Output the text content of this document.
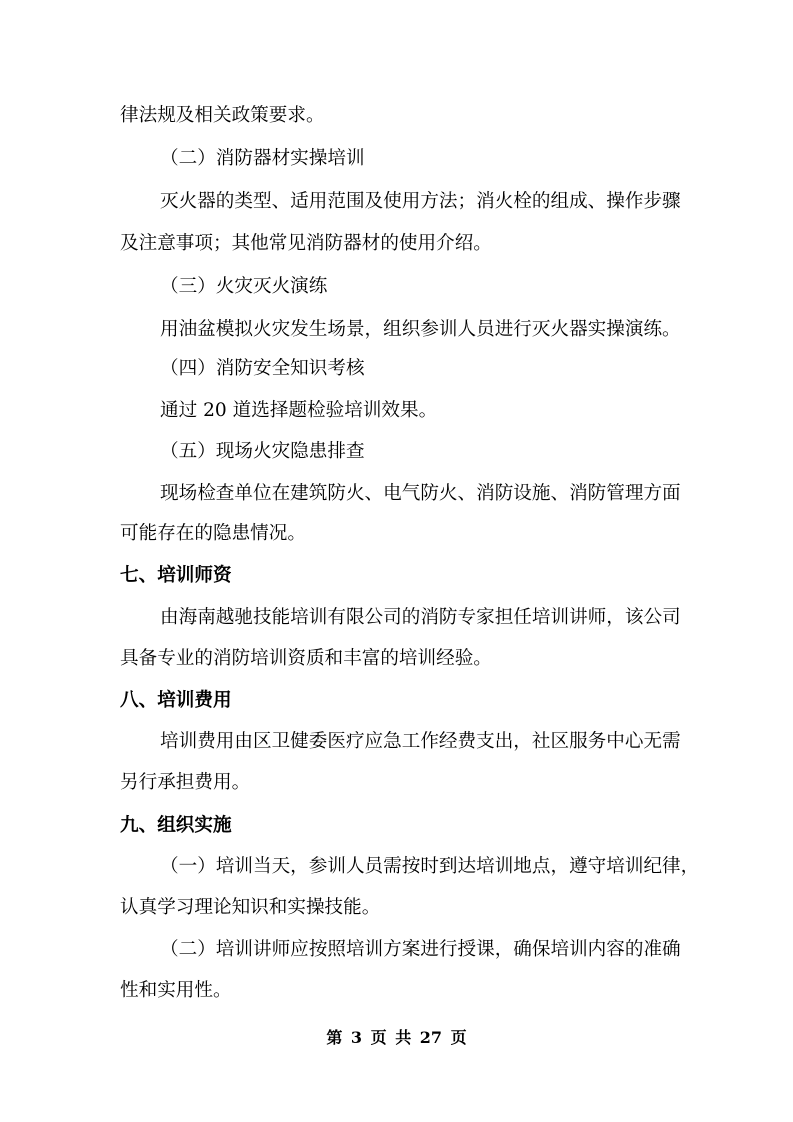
律法规及相关政策要求。
（二）消防器材实操培训
灭火器的类型、适用范围及使用方法；消火栓的组成、操作步骤
及注意事项；其他常见消防器材的使用介绍。
（三）火灾灭火演练
用油盆模拟火灾发生场景，组织参训人员进行灭火器实操演练。
（四）消防安全知识考核
通过 20 道选择题检验培训效果。
（五）现场火灾隐患排查
现场检查单位在建筑防火、电气防火、消防设施、消防管理方面
可能存在的隐患情况。
七、培训师资
由海南越驰技能培训有限公司的消防专家担任培训讲师，该公司
具备专业的消防培训资质和丰富的培训经验。
八、培训费用
培训费用由区卫健委医疗应急工作经费支出，社区服务中心无需
另行承担费用。
九、组织实施
（一）培训当天，参训人员需按时到达培训地点，遵守培训纪律，
认真学习理论知识和实操技能。
（二）培训讲师应按照培训方案进行授课，确保培训内容的准确
性和实用性。
第 3 页 共 27 页
